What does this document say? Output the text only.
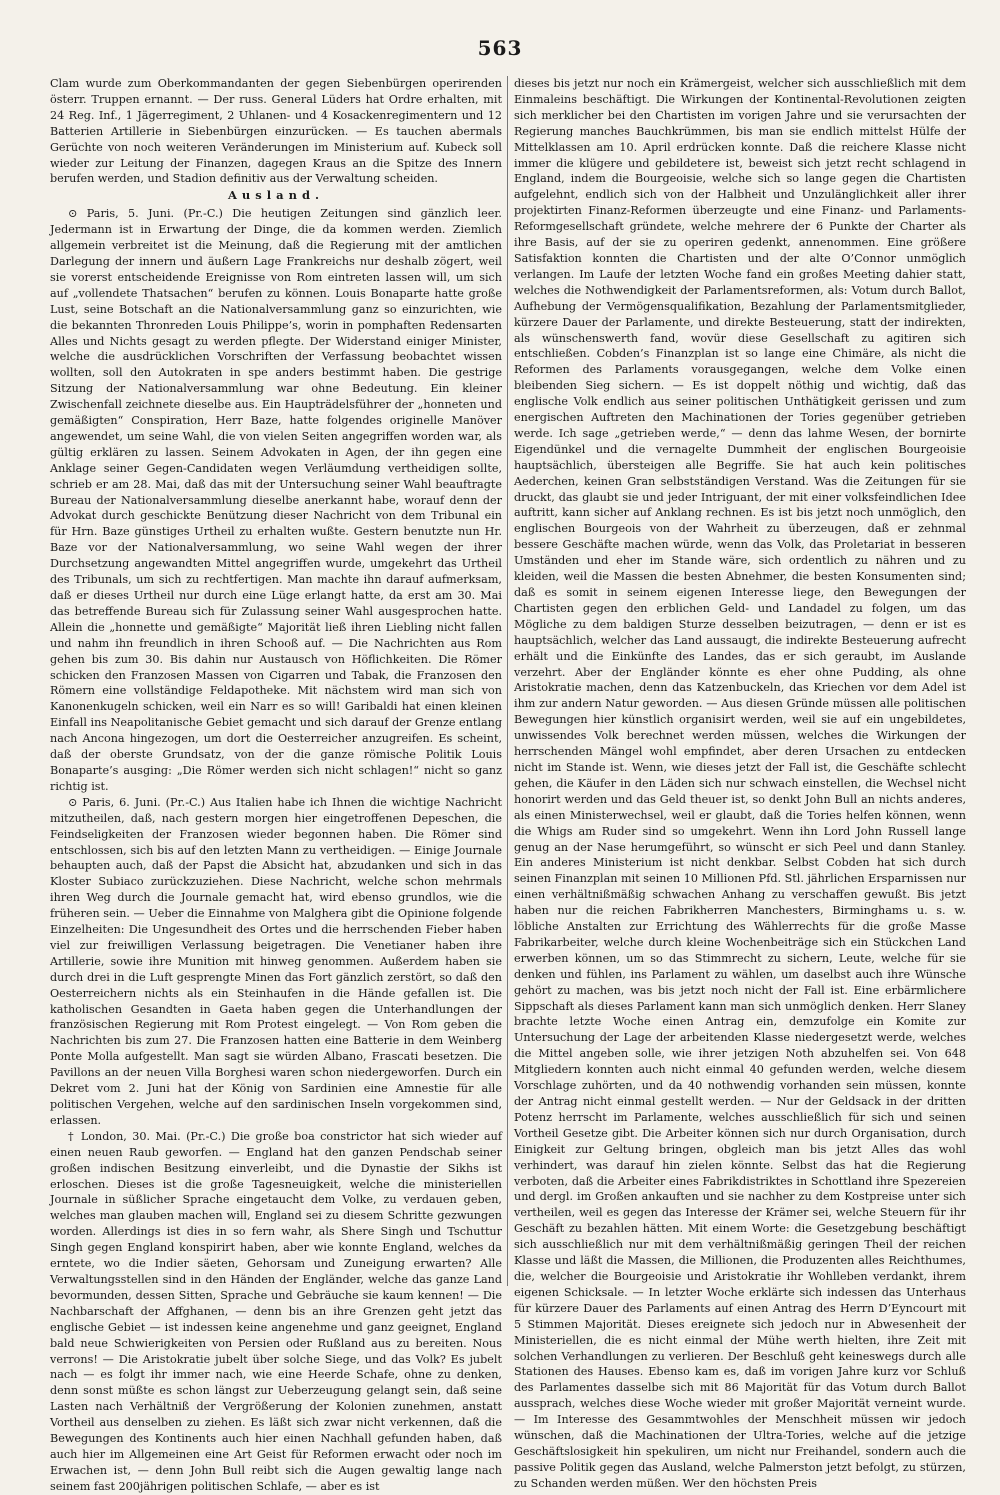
563

Clam wurde zum Oberkommandanten der gegen Siebenbürgen operirenden österr. Truppen ernannt. — Der russ. General Lüders hat Ordre erhalten, mit 24 Reg. Inf., 1 Jägerregiment, 2 Uhlanen- und 4 Kosackenregimentern und 12 Batterien Artillerie in Siebenbürgen einzurücken. — Es tauchen abermals Gerüchte von noch weiteren Veränderungen im Ministerium auf. Kubeck soll wieder zur Leitung der Finanzen, dagegen Kraus an die Spitze des Innern berufen werden, und Stadion definitiv aus der Verwaltung scheiden.

Ausland.

⊙ Paris, 5. Juni. (Pr.-C.) Die heutigen Zeitungen sind gänzlich leer. Jedermann ist in Erwartung der Dinge, die da kommen werden. Ziemlich allgemein verbreitet ist die Meinung, daß die Regierung mit der amtlichen Darlegung der innern und äußern Lage Frankreichs nur deshalb zögert, weil sie vorerst entscheidende Ereignisse von Rom eintreten lassen will, um sich auf „vollendete Thatsachen“ berufen zu können. Louis Bonaparte hatte große Lust, seine Botschaft an die Nationalversammlung ganz so einzurichten, wie die bekannten Thronreden Louis Philippe’s, worin in pomphaften Redensarten Alles und Nichts gesagt zu werden pflegte. Der Widerstand einiger Minister, welche die ausdrücklichen Vorschriften der Verfassung beobachtet wissen wollten, soll den Autokraten in spe anders bestimmt haben. Die gestrige Sitzung der Nationalversammlung war ohne Bedeutung. Ein kleiner Zwischenfall zeichnete dieselbe aus. Ein Haupträdelsführer der „honneten und gemäßigten“ Conspiration, Herr Baze, hatte folgendes originelle Manöver angewendet, um seine Wahl, die von vielen Seiten angegriffen worden war, als gültig erklären zu lassen. Seinem Advokaten in Agen, der ihn gegen eine Anklage seiner Gegen-Candidaten wegen Verläumdung vertheidigen sollte, schrieb er am 28. Mai, daß das mit der Untersuchung seiner Wahl beauftragte Bureau der Nationalversammlung dieselbe anerkannt habe, worauf denn der Advokat durch geschickte Benützung dieser Nachricht von dem Tribunal ein für Hrn. Baze günstiges Urtheil zu erhalten wußte. Gestern benutzte nun Hr. Baze vor der Nationalversammlung, wo seine Wahl wegen der ihrer Durchsetzung angewandten Mittel angegriffen wurde, umgekehrt das Urtheil des Tribunals, um sich zu rechtfertigen. Man machte ihn darauf aufmerksam, daß er dieses Urtheil nur durch eine Lüge erlangt hatte, da erst am 30. Mai das betreffende Bureau sich für Zulassung seiner Wahl ausgesprochen hatte. Allein die „honnette und gemäßigte“ Majorität ließ ihren Liebling nicht fallen und nahm ihn freundlich in ihren Schooß auf. — Die Nachrichten aus Rom gehen bis zum 30. Bis dahin nur Austausch von Höflichkeiten. Die Römer schicken den Franzosen Massen von Cigarren und Tabak, die Franzosen den Römern eine vollständige Feldapotheke. Mit nächstem wird man sich von Kanonenkugeln schicken, weil ein Narr es so will! Garibaldi hat einen kleinen Einfall ins Neapolitanische Gebiet gemacht und sich darauf der Grenze entlang nach Ancona hingezogen, um dort die Oesterreicher anzugreifen. Es scheint, daß der oberste Grundsatz, von der die ganze römische Politik Louis Bonaparte’s ausging: „Die Römer werden sich nicht schlagen!“ nicht so ganz richtig ist.

⊙ Paris, 6. Juni. (Pr.-C.) Aus Italien habe ich Ihnen die wichtige Nachricht mitzutheilen, daß, nach gestern morgen hier eingetroffenen Depeschen, die Feindseligkeiten der Franzosen wieder begonnen haben. Die Römer sind entschlossen, sich bis auf den letzten Mann zu vertheidigen. — Einige Journale behaupten auch, daß der Papst die Absicht hat, abzudanken und sich in das Kloster Subiaco zurückzuziehen. Diese Nachricht, welche schon mehrmals ihren Weg durch die Journale gemacht hat, wird ebenso grundlos, wie die früheren sein. — Ueber die Einnahme von Malghera gibt die Opinione folgende Einzelheiten: Die Ungesundheit des Ortes und die herrschenden Fieber haben viel zur freiwilligen Verlassung beigetragen. Die Venetianer haben ihre Artillerie, sowie ihre Munition mit hinweg genommen. Außerdem haben sie durch drei in die Luft gesprengte Minen das Fort gänzlich zerstört, so daß den Oesterreichern nichts als ein Steinhaufen in die Hände gefallen ist. Die katholischen Gesandten in Gaeta haben gegen die Unterhandlungen der französischen Regierung mit Rom Protest eingelegt. — Von Rom geben die Nachrichten bis zum 27. Die Franzosen hatten eine Batterie in dem Weinberg Ponte Molla aufgestellt. Man sagt sie würden Albano, Frascati besetzen. Die Pavillons an der neuen Villa Borghesi waren schon niedergeworfen. Durch ein Dekret vom 2. Juni hat der König von Sardinien eine Amnestie für alle politischen Vergehen, welche auf den sardinischen Inseln vorgekommen sind, erlassen.

† London, 30. Mai. (Pr.-C.) Die große boa constrictor hat sich wieder auf einen neuen Raub geworfen. — England hat den ganzen Pendschab seiner großen indischen Besitzung einverleibt, und die Dynastie der Sikhs ist erloschen. Dieses ist die große Tagesneuigkeit, welche die ministeriellen Journale in süßlicher Sprache eingetaucht dem Volke, zu verdauen geben, welches man glauben machen will, England sei zu diesem Schritte gezwungen worden. Allerdings ist dies in so fern wahr, als Shere Singh und Tschuttur Singh gegen England konspirirt haben, aber wie konnte England, welches da erntete, wo die Indier säeten, Gehorsam und Zuneigung erwarten? Alle Verwaltungsstellen sind in den Händen der Engländer, welche das ganze Land bevormunden, dessen Sitten, Sprache und Gebräuche sie kaum kennen! — Die Nachbarschaft der Affghanen, — denn bis an ihre Grenzen geht jetzt das englische Gebiet — ist indessen keine angenehme und ganz geeignet, England bald neue Schwierigkeiten von Persien oder Rußland aus zu bereiten. Nous verrons! — Die Aristokratie jubelt über solche Siege, und das Volk? Es jubelt nach — es folgt ihr immer nach, wie eine Heerde Schafe, ohne zu denken, denn sonst müßte es schon längst zur Ueberzeugung gelangt sein, daß seine Lasten nach Verhältniß der Vergrößerung der Kolonien zunehmen, anstatt Vortheil aus denselben zu ziehen. Es läßt sich zwar nicht verkennen, daß die Bewegungen des Kontinents auch hier einen Nachhall gefunden haben, daß auch hier im Allgemeinen eine Art Geist für Reformen erwacht oder noch im Erwachen ist, — denn John Bull reibt sich die Augen gewaltig lange nach seinem fast 200jährigen politischen Schlafe, — aber es ist

dieses bis jetzt nur noch ein Krämergeist, welcher sich ausschließlich mit dem Einmaleins beschäftigt. Die Wirkungen der Kontinental-Revolutionen zeigten sich merklicher bei den Chartisten im vorigen Jahre und sie verursachten der Regierung manches Bauchkrümmen, bis man sie endlich mittelst Hülfe der Mittelklassen am 10. April erdrücken konnte. Daß die reichere Klasse nicht immer die klügere und gebildetere ist, beweist sich jetzt recht schlagend in England, indem die Bourgeoisie, welche sich so lange gegen die Chartisten aufgelehnt, endlich sich von der Halbheit und Unzulänglichkeit aller ihrer projektirten Finanz-Reformen überzeugte und eine Finanz- und Parlaments-Reformgesellschaft gründete, welche mehrere der 6 Punkte der Charter als ihre Basis, auf der sie zu operiren gedenkt, annenommen. Eine größere Satisfaktion konnten die Chartisten und der alte O’Connor unmöglich verlangen. Im Laufe der letzten Woche fand ein großes Meeting dahier statt, welches die Nothwendigkeit der Parlamentsreformen, als: Votum durch Ballot, Aufhebung der Vermögensqualifikation, Bezahlung der Parlamentsmitglieder, kürzere Dauer der Parlamente, und direkte Besteuerung, statt der indirekten, als wünschenswerth fand, wovür diese Gesellschaft zu agitiren sich entschließen. Cobden’s Finanzplan ist so lange eine Chimäre, als nicht die Reformen des Parlaments vorausgegangen, welche dem Volke einen bleibenden Sieg sichern. — Es ist doppelt nöthig und wichtig, daß das englische Volk endlich aus seiner politischen Unthätigkeit gerissen und zum energischen Auftreten den Machinationen der Tories gegenüber getrieben werde. Ich sage „getrieben werde,“ — denn das lahme Wesen, der bornirte Eigendünkel und die vernagelte Dummheit der englischen Bourgeoisie hauptsächlich, übersteigen alle Begriffe. Sie hat auch kein politisches Aederchen, keinen Gran selbstständigen Verstand. Was die Zeitungen für sie druckt, das glaubt sie und jeder Intriguant, der mit einer volksfeindlichen Idee auftritt, kann sicher auf Anklang rechnen. Es ist bis jetzt noch unmöglich, den englischen Bourgeois von der Wahrheit zu überzeugen, daß er zehnmal bessere Geschäfte machen würde, wenn das Volk, das Proletariat in besseren Umständen und eher im Stande wäre, sich ordentlich zu nähren und zu kleiden, weil die Massen die besten Abnehmer, die besten Konsumenten sind; daß es somit in seinem eigenen Interesse liege, den Bewegungen der Chartisten gegen den erblichen Geld- und Landadel zu folgen, um das Mögliche zu dem baldigen Sturze desselben beizutragen, — denn er ist es hauptsächlich, welcher das Land aussaugt, die indirekte Besteuerung aufrecht erhält und die Einkünfte des Landes, das er sich geraubt, im Auslande verzehrt. Aber der Engländer könnte es eher ohne Pudding, als ohne Aristokratie machen, denn das Katzenbuckeln, das Kriechen vor dem Adel ist ihm zur andern Natur geworden. — Aus diesen Gründe müssen alle politischen Bewegungen hier künstlich organisirt werden, weil sie auf ein ungebildetes, unwissendes Volk berechnet werden müssen, welches die Wirkungen der herrschenden Mängel wohl empfindet, aber deren Ursachen zu entdecken nicht im Stande ist. Wenn, wie dieses jetzt der Fall ist, die Geschäfte schlecht gehen, die Käufer in den Läden sich nur schwach einstellen, die Wechsel nicht honorirt werden und das Geld theuer ist, so denkt John Bull an nichts anderes, als einen Ministerwechsel, weil er glaubt, daß die Tories helfen können, wenn die Whigs am Ruder sind so umgekehrt. Wenn ihn Lord John Russell lange genug an der Nase herumgeführt, so wünscht er sich Peel und dann Stanley. Ein anderes Ministerium ist nicht denkbar. Selbst Cobden hat sich durch seinen Finanzplan mit seinen 10 Millionen Pfd. Stl. jährlichen Ersparnissen nur einen verhältnißmäßig schwachen Anhang zu verschaffen gewußt. Bis jetzt haben nur die reichen Fabrikherren Manchesters, Birminghams u. s. w. löbliche Anstalten zur Errichtung des Wählerrechts für die große Masse Fabrikarbeiter, welche durch kleine Wochenbeiträge sich ein Stückchen Land erwerben können, um so das Stimmrecht zu sichern, Leute, welche für sie denken und fühlen, ins Parlament zu wählen, um daselbst auch ihre Wünsche gehört zu machen, was bis jetzt noch nicht der Fall ist. Eine erbärmlichere Sippschaft als dieses Parlament kann man sich unmöglich denken. Herr Slaney brachte letzte Woche einen Antrag ein, demzufolge ein Komite zur Untersuchung der Lage der arbeitenden Klasse niedergesetzt werde, welches die Mittel angeben solle, wie ihrer jetzigen Noth abzuhelfen sei. Von 648 Mitgliedern konnten auch nicht einmal 40 gefunden werden, welche diesem Vorschlage zuhörten, und da 40 nothwendig vorhanden sein müssen, konnte der Antrag nicht einmal gestellt werden. — Nur der Geldsack in der dritten Potenz herrscht im Parlamente, welches ausschließlich für sich und seinen Vortheil Gesetze gibt. Die Arbeiter können sich nur durch Organisation, durch Einigkeit zur Geltung bringen, obgleich man bis jetzt Alles das wohl verhindert, was darauf hin zielen könnte. Selbst das hat die Regierung verboten, daß die Arbeiter eines Fabrikdistriktes in Schottland ihre Spezereien und dergl. im Großen ankauften und sie nachher zu dem Kostpreise unter sich vertheilen, weil es gegen das Interesse der Krämer sei, welche Steuern für ihr Geschäft zu bezahlen hätten. Mit einem Worte: die Gesetzgebung beschäftigt sich ausschließlich nur mit dem verhältnißmäßig geringen Theil der reichen Klasse und läßt die Massen, die Millionen, die Produzenten alles Reichthumes, die, welcher die Bourgeoisie und Aristokratie ihr Wohlleben verdankt, ihrem eigenen Schicksale. — In letzter Woche erklärte sich indessen das Unterhaus für kürzere Dauer des Parlaments auf einen Antrag des Herrn D’Eyncourt mit 5 Stimmen Majorität. Dieses ereignete sich jedoch nur in Abwesenheit der Ministeriellen, die es nicht einmal der Mühe werth hielten, ihre Zeit mit solchen Verhandlungen zu verlieren. Der Beschluß geht keineswegs durch alle Stationen des Hauses. Ebenso kam es, daß im vorigen Jahre kurz vor Schluß des Parlamentes dasselbe sich mit 86 Majorität für das Votum durch Ballot aussprach, welches diese Woche wieder mit großer Majorität verneint wurde. — Im Interesse des Gesammtwohles der Menschheit müssen wir jedoch wünschen, daß die Machinationen der Ultra-Tories, welche auf die jetzige Geschäftslosigkeit hin spekuliren, um nicht nur Freihandel, sondern auch die passive Politik gegen das Ausland, welche Palmerston jetzt befolgt, zu stürzen, zu Schanden werden müßen. Wer den höchsten Preis
